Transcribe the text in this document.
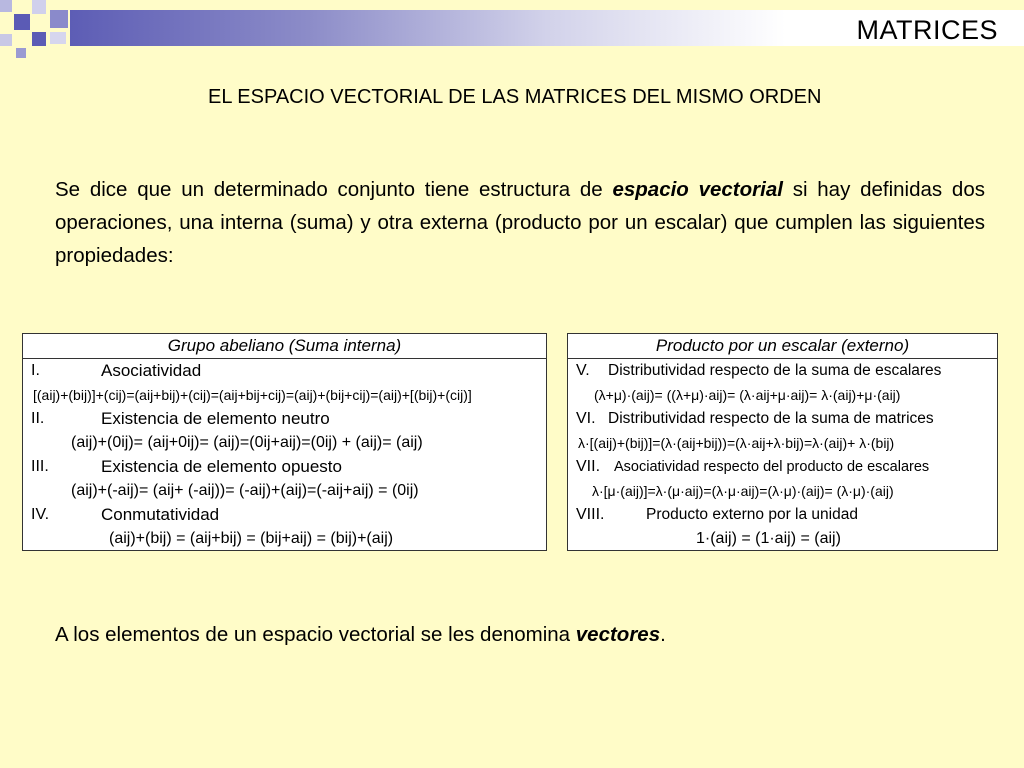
MATRICES
EL ESPACIO VECTORIAL DE LAS MATRICES DEL MISMO ORDEN
Se dice que un determinado conjunto tiene estructura de espacio vectorial si hay definidas dos operaciones, una interna (suma) y otra externa (producto por un escalar) que cumplen las siguientes propiedades:
Grupo abeliano (Suma interna)
I.	Asociatividad
[(aij)+(bij)]+(cij)=(aij+bij)+(cij)=(aij+bij+cij)=(aij)+(bij+cij)=(aij)+[(bij)+(cij)]
II.	Existencia de elemento neutro
(aij)+(0ij)= (aij+0ij)= (aij)=(0ij+aij)=(0ij) + (aij)= (aij)
III.	Existencia de elemento opuesto
(aij)+(-aij)= (aij+ (-aij))= (-aij)+(aij)=(-aij+aij) = (0ij)
IV.	Conmutatividad
(aij)+(bij) = (aij+bij) = (bij+aij) = (bij)+(aij)
Producto por un escalar (externo)
V. Distributividad respecto de la suma de escalares
(λ+μ)·(aij)= ((λ+μ)·aij)= (λ·aij+μ·aij)= λ·(aij)+μ·(aij)
VI. Distributividad respecto de la suma de matrices
λ·[(aij)+(bij)]=(λ·(aij+bij))=(λ·aij+λ·bij)=λ·(aij)+ λ·(bij)
VII. Asociatividad respecto del producto de escalares
λ·[μ·(aij)]=λ·(μ·aij)=(λ·μ·aij)=(λ·μ)·(aij)= (λ·μ)·(aij)
VIII.	Producto externo por la unidad
1·(aij) = (1·aij) = (aij)
A los elementos de un espacio vectorial se les denomina vectores.
